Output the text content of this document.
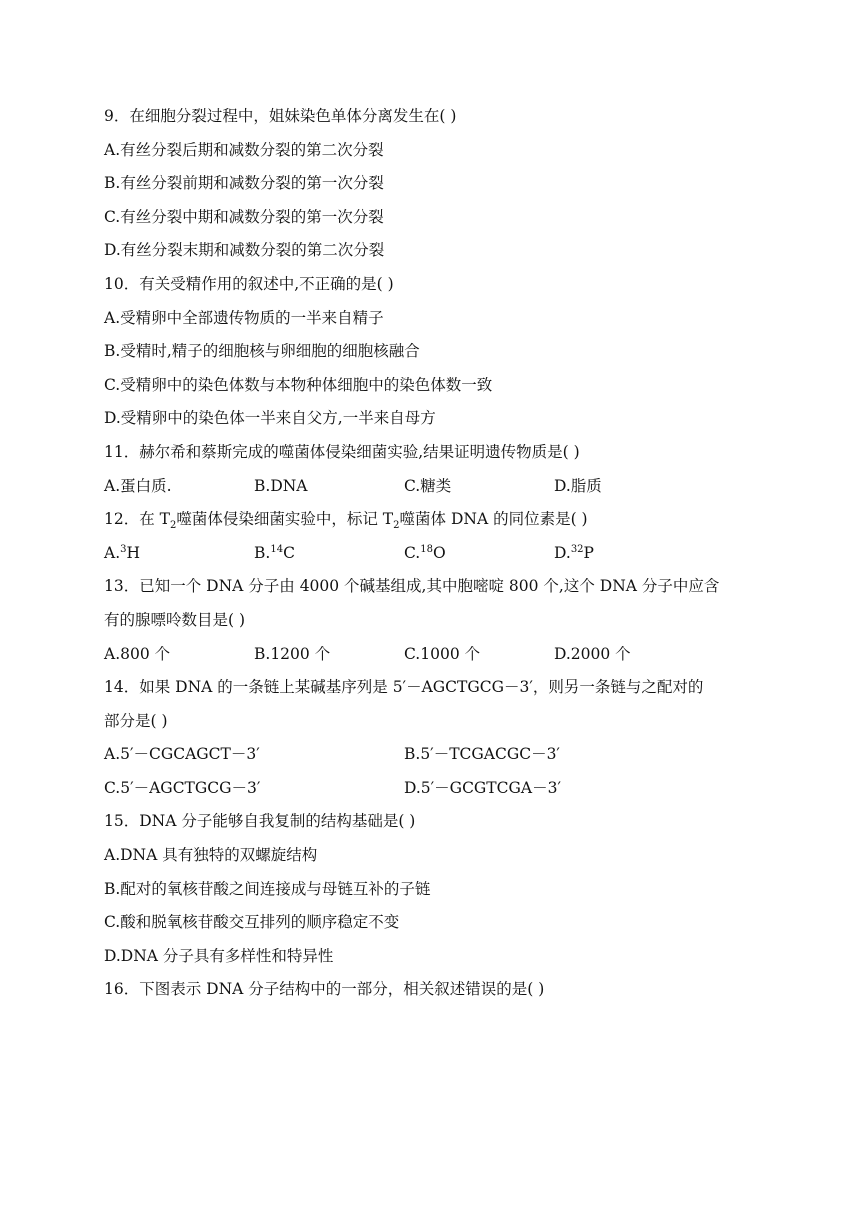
9．在细胞分裂过程中，姐妹染色单体分离发生在( )
A.有丝分裂后期和减数分裂的第二次分裂
B.有丝分裂前期和减数分裂的第一次分裂
C.有丝分裂中期和减数分裂的第一次分裂
D.有丝分裂末期和减数分裂的第二次分裂
10．有关受精作用的叙述中,不正确的是( )
A.受精卵中全部遗传物质的一半来自精子
B.受精时,精子的细胞核与卵细胞的细胞核融合
C.受精卵中的染色体数与本物种体细胞中的染色体数一致
D.受精卵中的染色体一半来自父方,一半来自母方
11．赫尔希和蔡斯完成的噬菌体侵染细菌实验,结果证明遗传物质是( )
A.蛋白质.	B.DNA	C.糖类	D.脂质
12．在 $T_2$噬菌体侵染细菌实验中，标记 $T_2$噬菌体 DNA 的同位素是( )
A.$^3$H	B.$^{14}$C	C.$^{18}$O	D.$^{32}$P
13．已知一个 DNA 分子由 4000 个碱基组成,其中胞嘧啶 800 个,这个 DNA 分子中应含
有的腺嘌呤数目是( )
A.800 个	B.1200 个	C.1000 个	D.2000 个
14．如果 DNA 的一条链上某碱基序列是 5′－AGCTGCG－3′，则另一条链与之配对的
部分是( )
A.5′－CGCAGCT－3′	B.5′－TCGACGC－3′
C.5′－AGCTGCG－3′	D.5′－GCGTCGA－3′
15．DNA 分子能够自我复制的结构基础是( )
A.DNA 具有独特的双螺旋结构
B.配对的氧核苷酸之间连接成与母链互补的子链
C.酸和脱氧核苷酸交互排列的顺序稳定不变
D.DNA 分子具有多样性和特异性
16．下图表示 DNA 分子结构中的一部分，相关叙述错误的是( )
